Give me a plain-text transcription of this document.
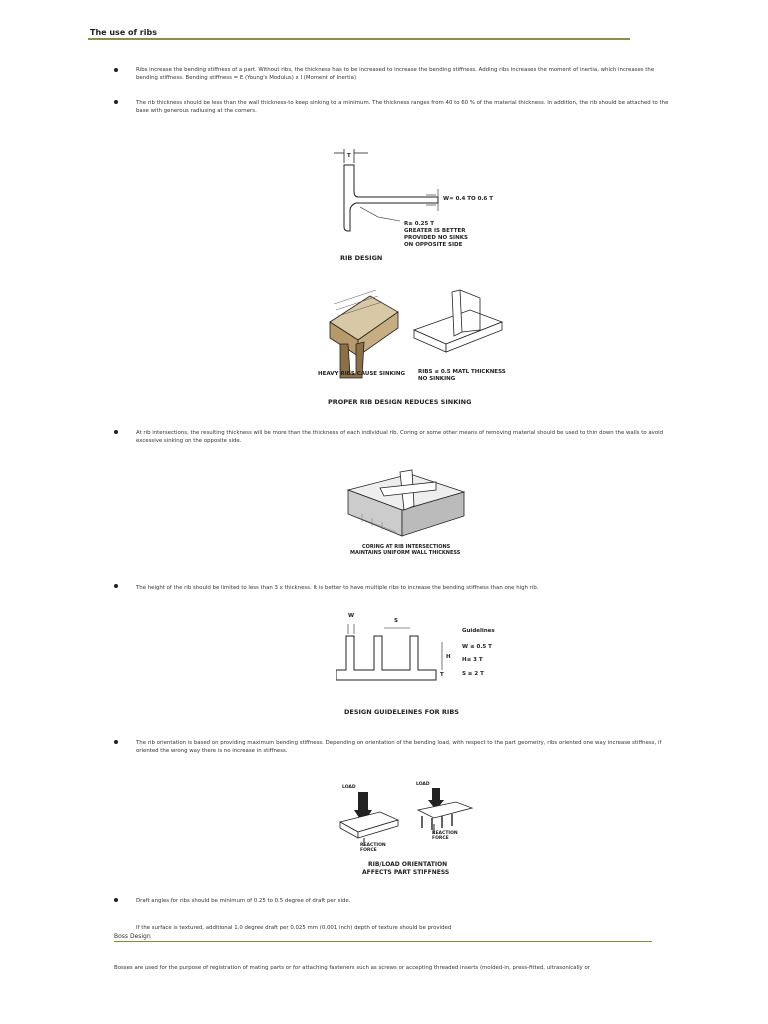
The use of ribs
Ribs increase the bending stiffness of a part. Without ribs, the thickness has to be increased to increase the bending stiffness. Adding ribs increases the moment of inertia, which increases the bending stiffness. Bending stiffness = E (Young's Modulus) x I (Moment of Inertia)
The rib thickness should be less than the wall thickness-to keep sinking to a minimum. The thickness ranges from 40 to 60 % of the material thickness. In addition, the rib should be attached to the base with generous radiusing at the corners.
T
W= 0.4 TO 0.6 T
R≥ 0.25 T
GREATER IS BETTER
PROVIDED NO SINKS
ON OPPOSITE SIDE
RIB DESIGN
HEAVY RIBS CAUSE SINKING RIBS ≤ 0.5 MATL THICKNESS
NO SINKING
PROPER RIB DESIGN REDUCES SINKING
At rib intersections, the resulting thickness will be more than the thickness of each individual rib. Coring or some other means of removing material should be used to thin down the walls to avoid excessive sinking on the opposite side.
CORING AT RIB INTERSECTIONS
MAINTAINS UNIFORM WALL THICKNESS
The height of the rib should be limited to less than 3 x thickness. It is better to have multiple ribs to increase the bending stiffness than one high rib.
W
S
H
T
Guidelines
W ≤ 0.5 T
H≤ 3 T
S ≥ 2 T
DESIGN GUIDELEINES FOR RIBS
The rib orientation is based on providing maximum bending stiffness. Depending on orientation of the bending load, with respect to the part geometry, ribs oriented one way increase stiffness, if oriented the wrong way there is no increase in stiffness.
LOAD
REACTION
FORCE
LOAD
REACTION
FORCE
RIB/LOAD ORIENTATION
AFFECTS PART STIFFNESS
Draft angles for ribs should be minimum of 0.25 to 0.5 degree of draft per side.
If the surface is textured, additional 1.0 degree draft per 0.025 mm (0.001 inch) depth of texture should be provided
Boss Design
Bosses are used for the purpose of registration of mating parts or for attaching fasteners such as screws or accepting threaded inserts (molded-in, press-fitted, ultrasonically or
